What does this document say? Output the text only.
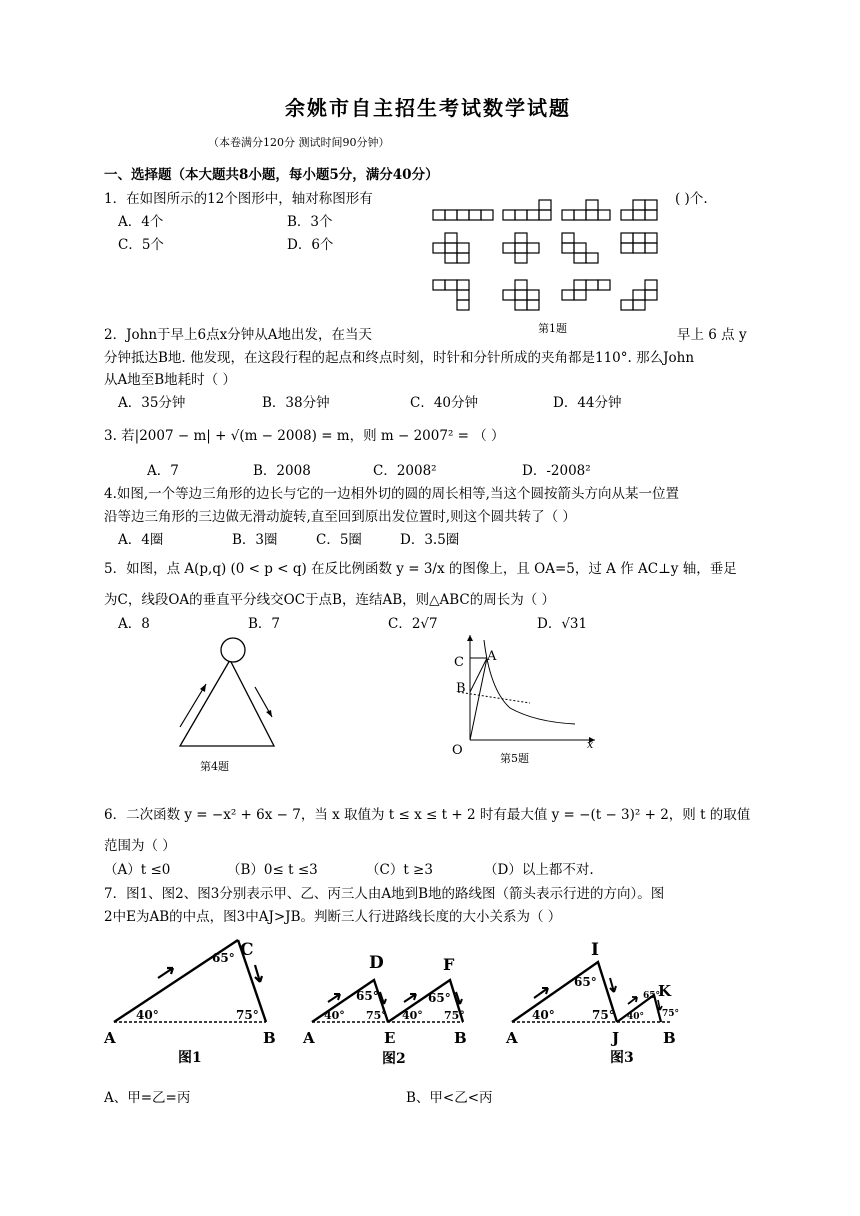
余姚市自主招生考试数学试题
（本卷满分120分 测试时间90分钟）
一、选择题（本大题共8小题，每小题5分，满分40分）
1．在如图所示的12个图形中，轴对称图形有	( )个.
A．4个	B．3个
C．5个	D．6个
第1题
2．John于早上6点x分钟从A地出发，在当天	早上 6 点 y
分钟抵达B地. 他发现，在这段行程的起点和终点时刻，时针和分针所成的夹角都是110°. 那么John
从A地至B地耗时（ ）
A．35分钟	B．38分钟	C．40分钟	D．44分钟
3. 若|2007 − m| + √(m − 2008) = m，则 m − 2007² = （ ）
A．7	B．2008	C．2008²	D．-2008²
4.如图,一个等边三角形的边长与它的一边相外切的圆的周长相等,当这个圆按箭头方向从某一位置
沿等边三角形的三边做无滑动旋转,直至回到原出发位置时,则这个圆共转了（ ）
A．4圈	B．3圈	C．5圈	D．3.5圈
5．如图，点 A(p,q) (0 < p < q) 在反比例函数 y = 3/x 的图像上，且 OA=5，过 A 作 AC⊥y 轴，垂足
为C，线段OA的垂直平分线交OC于点B，连结AB，则△ABC的周长为（ ）
A．8	B．7	C．2√7	D．√31
第4题
C A
B
O	x
第5题
6．二次函数 y = −x² + 6x − 7，当 x 取值为 t ≤ x ≤ t + 2 时有最大值 y = −(t − 3)² + 2，则 t 的取值
范围为（ ）
（A）t ≤0	（B）0≤ t ≤3	（C）t ≥3	（D）以上都不对.
7．图1、图2、图3分别表示甲、乙、丙三人由A地到B地的路线图（箭头表示行进的方向）。图
2中E为AB的中点，图3中AJ>JB。判断三人行进路线长度的大小关系为（ ）
C
A	B
65°
40°	75°
图1
D	F
A	E	B
65°	65°
40° 75° 40° 75°
图2
I
K
A	J	B
65°
65°
40°	75° 40° 75°
图3
A、甲=乙=丙	B、甲<乙<丙
